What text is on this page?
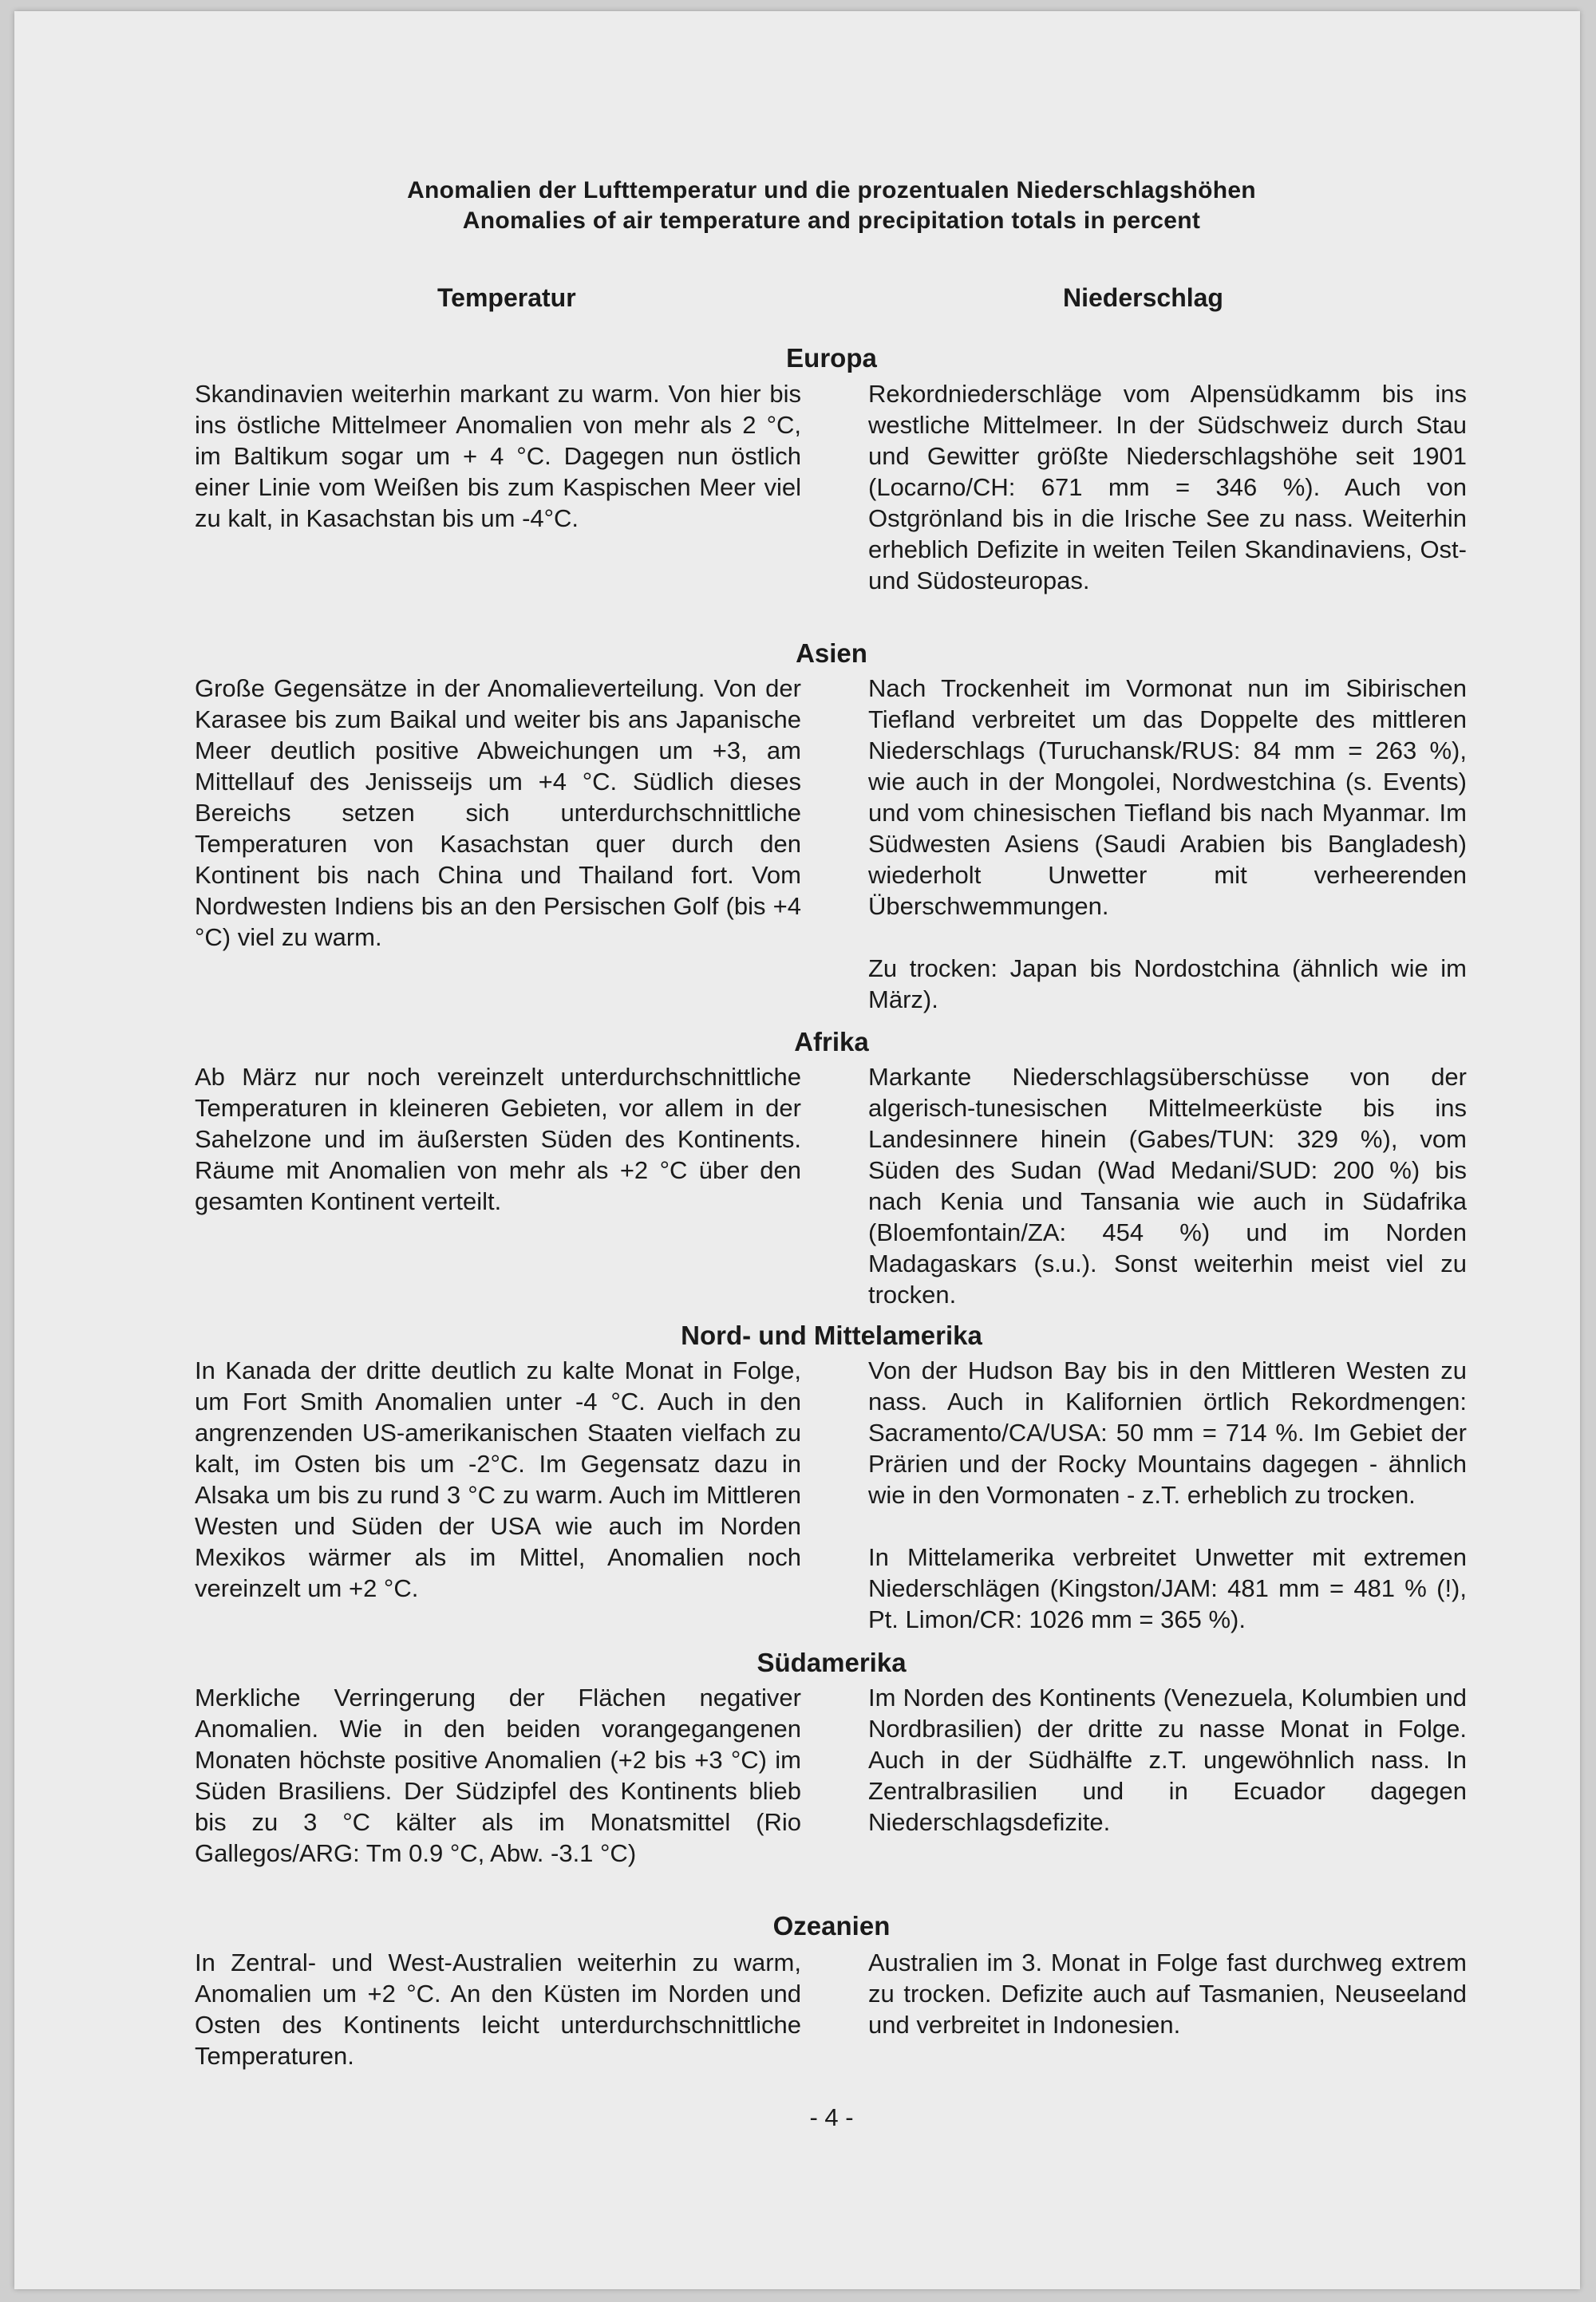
Anomalien der Lufttemperatur und die prozentualen Niederschlagshöhen
Anomalies of air temperature and precipitation totals in percent
Temperatur	Niederschlag
Europa

Skandinavien weiterhin markant zu warm. Von hier bis ins östliche Mittelmeer Anomalien von mehr als 2 °C, im Baltikum sogar um + 4 °C. Dagegen nun östlich einer Linie vom Weißen bis zum Kaspischen Meer viel zu kalt, in Kasachstan bis um -4°C.

Rekordniederschläge vom Alpensüdkamm bis ins westliche Mittelmeer. In der Südschweiz durch Stau und Gewitter größte Niederschlagshöhe seit 1901 (Locarno/CH: 671 mm = 346 %). Auch von Ostgrönland bis in die Irische See zu nass. Weiterhin erheblich Defizite in weiten Teilen Skandinaviens, Ost- und Südosteuropas.

Asien

Große Gegensätze in der Anomalieverteilung. Von der Karasee bis zum Baikal und weiter bis ans Japanische Meer deutlich positive Abweichungen um +3, am Mittellauf des Jenisseijs um +4 °C. Südlich dieses Bereichs setzen sich unterdurchschnittliche Temperaturen von Kasachstan quer durch den Kontinent bis nach China und Thailand fort. Vom Nordwesten Indiens bis an den Persischen Golf (bis +4 °C) viel zu warm.

Nach Trockenheit im Vormonat nun im Sibirischen Tiefland verbreitet um das Doppelte des mittleren Niederschlags (Turuchansk/RUS: 84 mm = 263 %), wie auch in der Mongolei, Nordwestchina (s. Events) und vom chinesischen Tiefland bis nach Myanmar. Im Südwesten Asiens (Saudi Arabien bis Bangladesh) wiederholt Unwetter mit verheerenden Überschwemmungen.

Zu trocken: Japan bis Nordostchina (ähnlich wie im März).

Afrika

Ab März nur noch vereinzelt unterdurchschnittliche Temperaturen in kleineren Gebieten, vor allem in der Sahelzone und im äußersten Süden des Kontinents. Räume mit Anomalien von mehr als +2 °C über den gesamten Kontinent verteilt.

Markante Niederschlagsüberschüsse von der algerisch-tunesischen Mittelmeerküste bis ins Landesinnere hinein (Gabes/TUN: 329 %), vom Süden des Sudan (Wad Medani/SUD: 200 %) bis nach Kenia und Tansania wie auch in Südafrika (Bloemfontain/ZA: 454 %) und im Norden Madagaskars (s.u.). Sonst weiterhin meist viel zu trocken.

Nord- und Mittelamerika

In Kanada der dritte deutlich zu kalte Monat in Folge, um Fort Smith Anomalien unter -4 °C. Auch in den angrenzenden US-amerikanischen Staaten vielfach zu kalt, im Osten bis um -2°C. Im Gegensatz dazu in Alsaka um bis zu rund 3 °C zu warm. Auch im Mittleren Westen und Süden der USA wie auch im Norden Mexikos wärmer als im Mittel, Anomalien noch vereinzelt um +2 °C.

Von der Hudson Bay bis in den Mittleren Westen zu nass. Auch in Kalifornien örtlich Rekordmengen: Sacramento/CA/USA: 50 mm = 714 %. Im Gebiet der Prärien und der Rocky Mountains dagegen - ähnlich wie in den Vormonaten - z.T. erheblich zu trocken.

In Mittelamerika verbreitet Unwetter mit extremen Niederschlägen (Kingston/JAM: 481 mm = 481 % (!), Pt. Limon/CR: 1026 mm = 365 %).

Südamerika

Merkliche Verringerung der Flächen negativer Anomalien. Wie in den beiden vorangegangenen Monaten höchste positive Anomalien (+2 bis +3 °C) im Süden Brasiliens. Der Südzipfel des Kontinents blieb bis zu 3 °C kälter als im Monatsmittel (Rio Gallegos/ARG: Tm 0.9 °C, Abw. -3.1 °C)

Im Norden des Kontinents (Venezuela, Kolumbien und Nordbrasilien) der dritte zu nasse Monat in Folge. Auch in der Südhälfte z.T. ungewöhnlich nass. In Zentralbrasilien und in Ecuador dagegen Niederschlagsdefizite.

Ozeanien

In Zentral- und West-Australien weiterhin zu warm, Anomalien um +2 °C. An den Küsten im Norden und Osten des Kontinents leicht unterdurchschnittliche Temperaturen.

Australien im 3. Monat in Folge fast durchweg extrem zu trocken. Defizite auch auf Tasmanien, Neuseeland und verbreitet in Indonesien.

- 4 -
